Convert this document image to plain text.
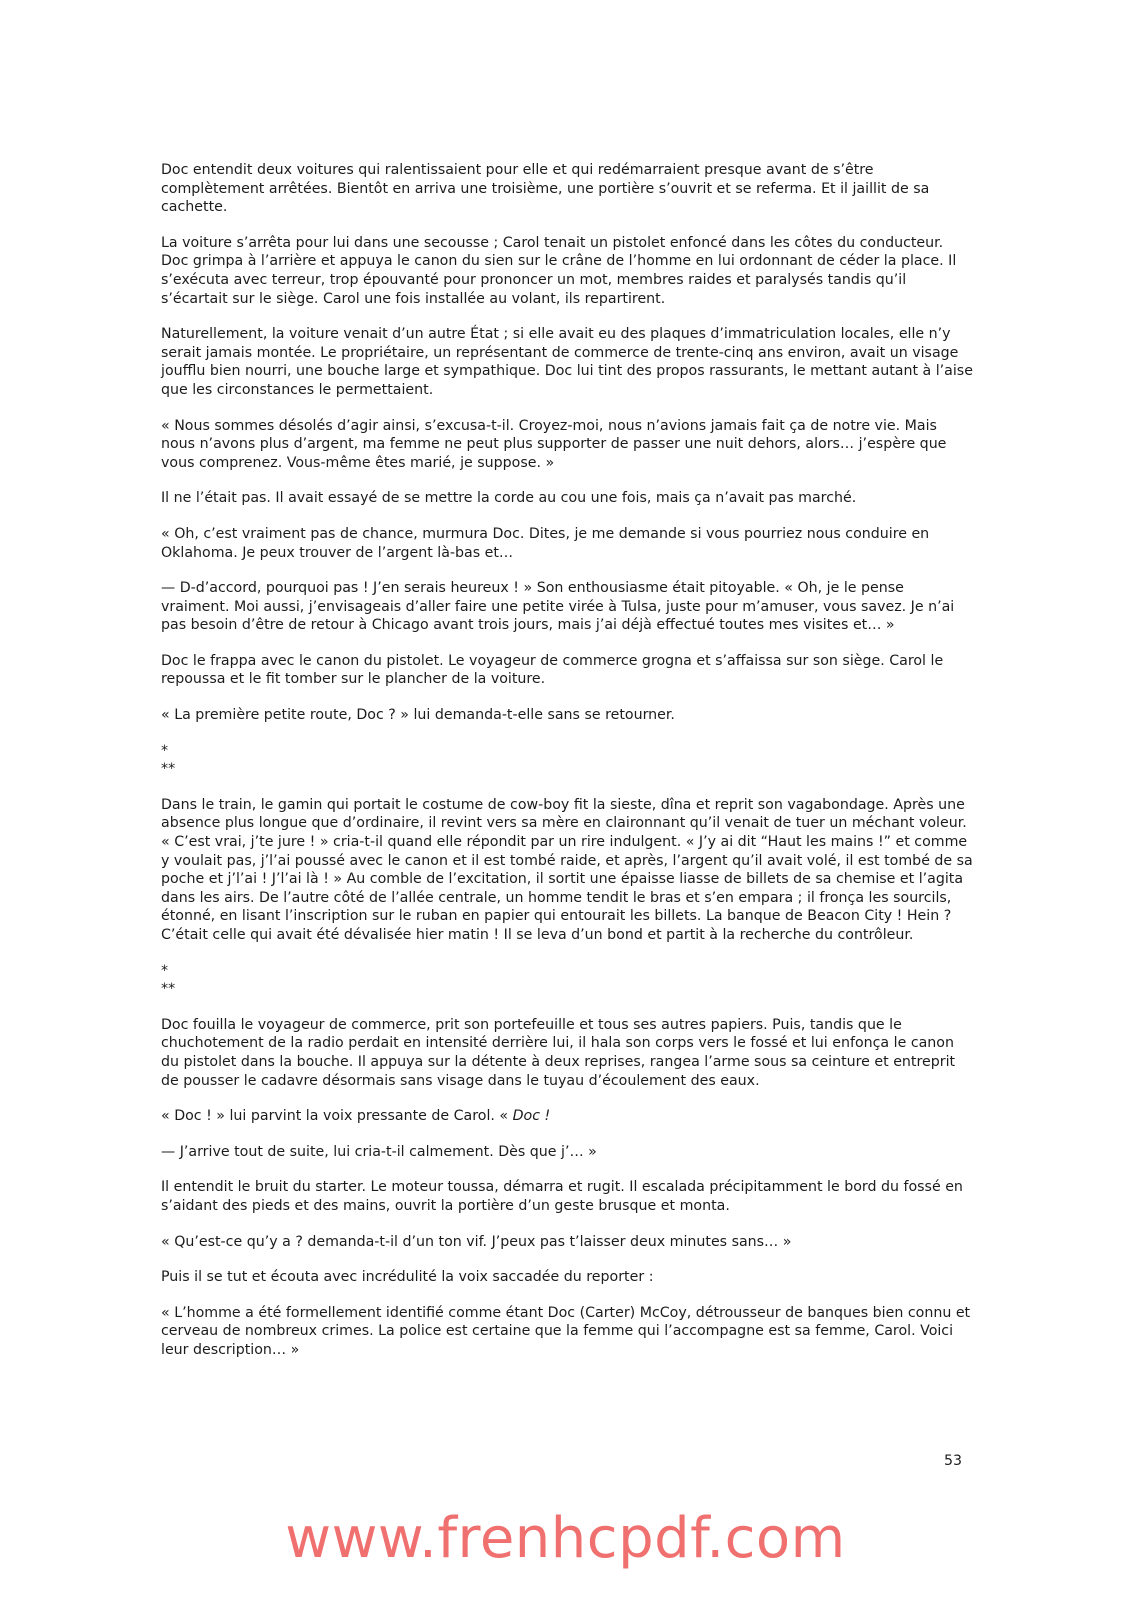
Doc entendit deux voitures qui ralentissaient pour elle et qui redémarraient presque avant de s’être complètement arrêtées. Bientôt en arriva une troisième, une portière s’ouvrit et se referma. Et il jaillit de sa cachette.

La voiture s’arrêta pour lui dans une secousse ; Carol tenait un pistolet enfoncé dans les côtes du conducteur. Doc grimpa à l’arrière et appuya le canon du sien sur le crâne de l’homme en lui ordonnant de céder la place. Il s’exécuta avec terreur, trop épouvanté pour prononcer un mot, membres raides et paralysés tandis qu’il s’écartait sur le siège. Carol une fois installée au volant, ils repartirent.

Naturellement, la voiture venait d’un autre État ; si elle avait eu des plaques d’immatriculation locales, elle n’y serait jamais montée. Le propriétaire, un représentant de commerce de trente-cinq ans environ, avait un visage joufflu bien nourri, une bouche large et sympathique. Doc lui tint des propos rassurants, le mettant autant à l’aise que les circonstances le permettaient.

« Nous sommes désolés d’agir ainsi, s’excusa-t-il. Croyez-moi, nous n’avions jamais fait ça de notre vie. Mais nous n’avons plus d’argent, ma femme ne peut plus supporter de passer une nuit dehors, alors… j’espère que vous comprenez. Vous-même êtes marié, je suppose. »

Il ne l’était pas. Il avait essayé de se mettre la corde au cou une fois, mais ça n’avait pas marché.

« Oh, c’est vraiment pas de chance, murmura Doc. Dites, je me demande si vous pourriez nous conduire en Oklahoma. Je peux trouver de l’argent là-bas et…

— D-d’accord, pourquoi pas ! J’en serais heureux ! » Son enthousiasme était pitoyable. « Oh, je le pense vraiment. Moi aussi, j’envisageais d’aller faire une petite virée à Tulsa, juste pour m’amuser, vous savez. Je n’ai pas besoin d’être de retour à Chicago avant trois jours, mais j’ai déjà effectué toutes mes visites et… »

Doc le frappa avec le canon du pistolet. Le voyageur de commerce grogna et s’affaissa sur son siège. Carol le repoussa et le fit tomber sur le plancher de la voiture.

« La première petite route, Doc ? » lui demanda-t-elle sans se retourner.

*
**

Dans le train, le gamin qui portait le costume de cow-boy fit la sieste, dîna et reprit son vagabondage. Après une absence plus longue que d’ordinaire, il revint vers sa mère en claironnant qu’il venait de tuer un méchant voleur. « C’est vrai, j’te jure ! » cria-t-il quand elle répondit par un rire indulgent. « J’y ai dit “Haut les mains !” et comme y voulait pas, j’l’ai poussé avec le canon et il est tombé raide, et après, l’argent qu’il avait volé, il est tombé de sa poche et j’l’ai ! J’l’ai là ! » Au comble de l’excitation, il sortit une épaisse liasse de billets de sa chemise et l’agita dans les airs. De l’autre côté de l’allée centrale, un homme tendit le bras et s’en empara ; il fronça les sourcils, étonné, en lisant l’inscription sur le ruban en papier qui entourait les billets. La banque de Beacon City ! Hein ? C’était celle qui avait été dévalisée hier matin ! Il se leva d’un bond et partit à la recherche du contrôleur.

*
**

Doc fouilla le voyageur de commerce, prit son portefeuille et tous ses autres papiers. Puis, tandis que le chuchotement de la radio perdait en intensité derrière lui, il hala son corps vers le fossé et lui enfonça le canon du pistolet dans la bouche. Il appuya sur la détente à deux reprises, rangea l’arme sous sa ceinture et entreprit de pousser le cadavre désormais sans visage dans le tuyau d’écoulement des eaux.

« Doc ! » lui parvint la voix pressante de Carol. « Doc !

— J’arrive tout de suite, lui cria-t-il calmement. Dès que j’… »

Il entendit le bruit du starter. Le moteur toussa, démarra et rugit. Il escalada précipitamment le bord du fossé en s’aidant des pieds et des mains, ouvrit la portière d’un geste brusque et monta.

« Qu’est-ce qu’y a ? demanda-t-il d’un ton vif. J’peux pas t’laisser deux minutes sans… »

Puis il se tut et écouta avec incrédulité la voix saccadée du reporter :

« L’homme a été formellement identifié comme étant Doc (Carter) McCoy, détrousseur de banques bien connu et cerveau de nombreux crimes. La police est certaine que la femme qui l’accompagne est sa femme, Carol. Voici leur description… »

53
www.frenhcpdf.com
